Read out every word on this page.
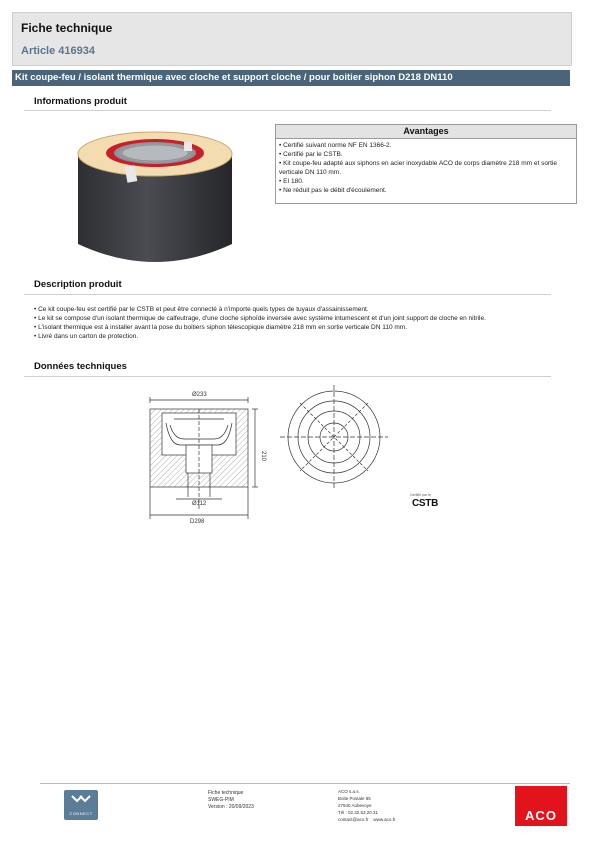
Fiche technique
Article 416934
Kit coupe-feu / isolant thermique avec cloche et support cloche / pour boitier siphon D218 DN110
Informations produit
Avantages
• Certifié suivant norme NF EN 1366-2.
• Certifié par le CSTB.
• Kit coupe-feu adapté aux siphons en acier inoxydable ACO de corps diamètre 218 mm et sortie verticale DN 110 mm.
• EI 180.
• Ne réduit pas le débit d'écoulement.
Description produit
• Ce kit coupe-feu est certifié par le CSTB et peut être connecté à n'importe quels types de tuyaux d'assainissement.
• Le kit se compose d'un isolant thermique de calfeutrage, d'une cloche siphoïde inversée avec système intumescent et d'un joint support de cloche en nitrile.
• L'isolant thermique est à installer avant la pose du boitiers siphon télescopique diamètre 218 mm en sortie verticale DN 110 mm.
• Livré dans un carton de protection.
Données techniques
Ø233
210
Ø112
D298
Certifié par le
CSTB
CONNECT
Fiche technique
SWEG-PIM
Version : 20/09/2023
ACO s.a.s.
Boite Postale 85
27940 Aubevoye
Tél : 02.32.53.20.31
contact@aco.fr www.aco.fr	ACO
